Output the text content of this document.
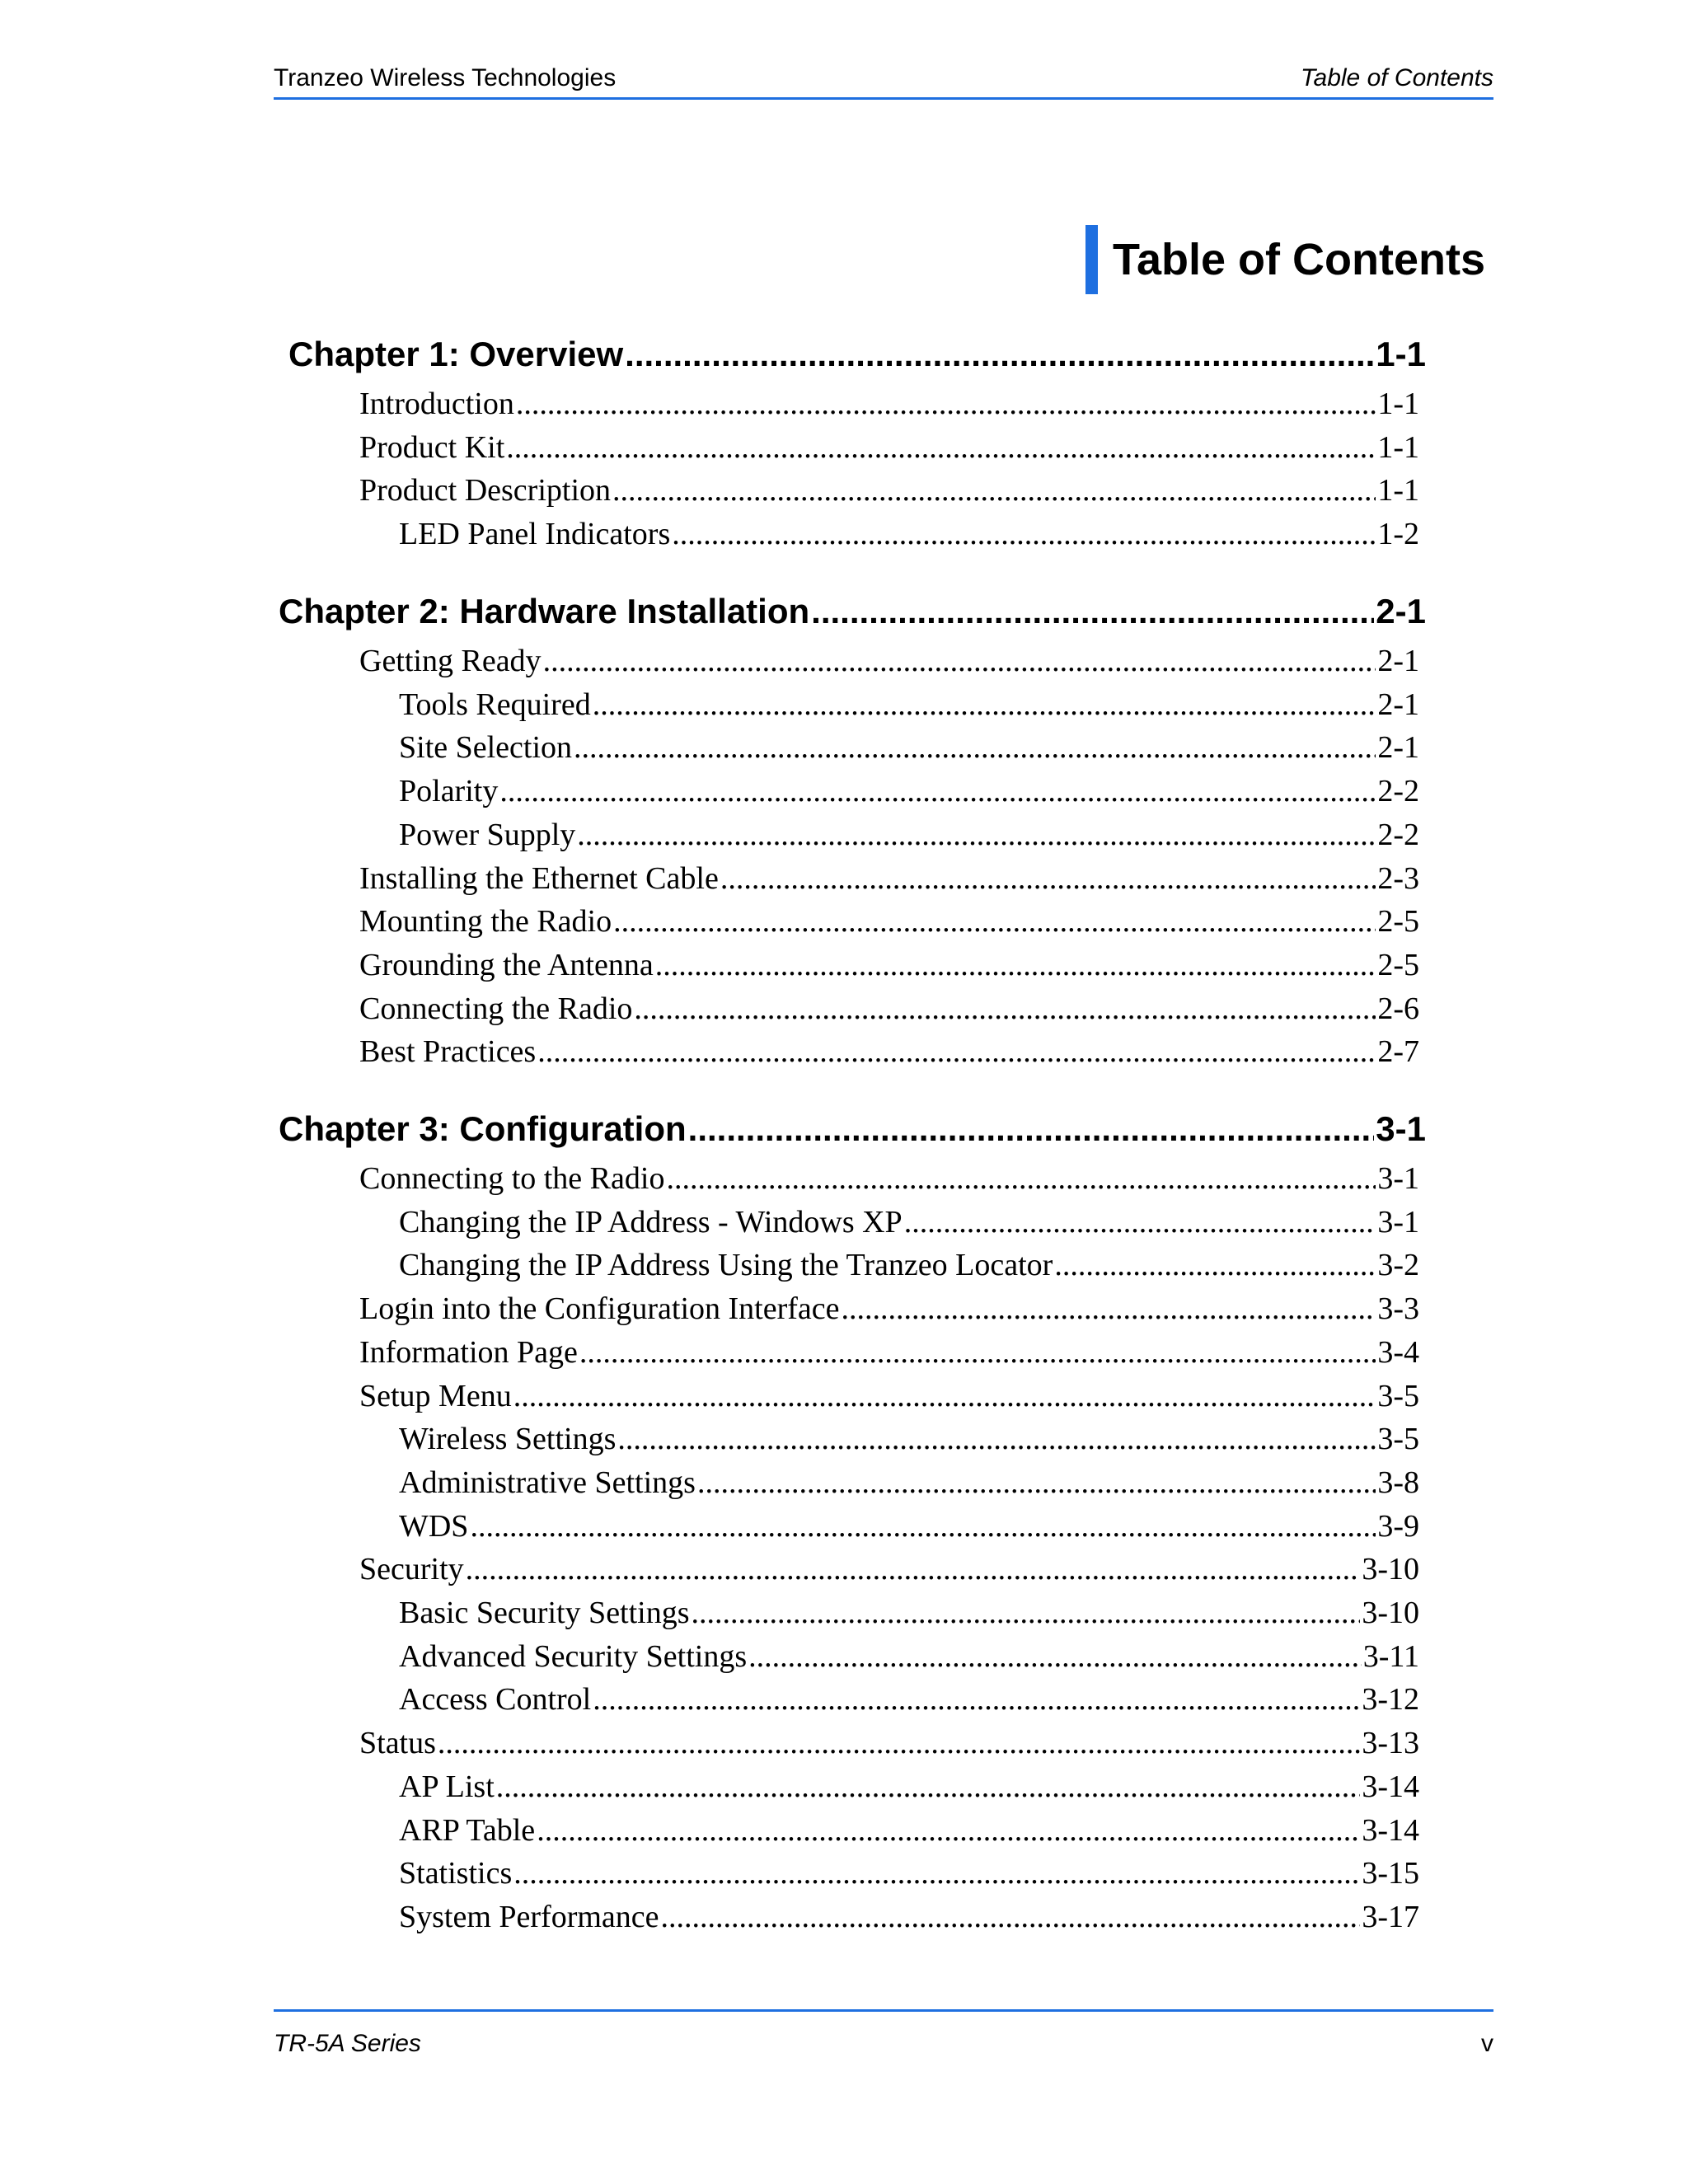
Tranzeo Wireless Technologies	Table of Contents
Table of Contents
Chapter 1: Overview .....	1-1
Introduction .....	1-1
Product Kit .....	1-1
Product Description .....	1-1
LED Panel Indicators .....	1-2
Chapter 2: Hardware Installation .....	2-1
Getting Ready .....	2-1
Tools Required .....	2-1
Site Selection .....	2-1
Polarity .....	2-2
Power Supply .....	2-2
Installing the Ethernet Cable .....	2-3
Mounting the Radio .....	2-5
Grounding the Antenna .....	2-5
Connecting the Radio .....	2-6
Best Practices .....	2-7
Chapter 3: Configuration .....	3-1
Connecting to the Radio .....	3-1
Changing the IP Address - Windows XP .....	3-1
Changing the IP Address Using the Tranzeo Locator .....	3-2
Login into the Configuration Interface .....	3-3
Information Page .....	3-4
Setup Menu .....	3-5
Wireless Settings .....	3-5
Administrative Settings .....	3-8
WDS .....	3-9
Security .....	3-10
Basic Security Settings .....	3-10
Advanced Security Settings .....	3-11
Access Control .....	3-12
Status .....	3-13
AP List .....	3-14
ARP Table .....	3-14
Statistics .....	3-15
System Performance .....	3-17
TR-5A Series	v
